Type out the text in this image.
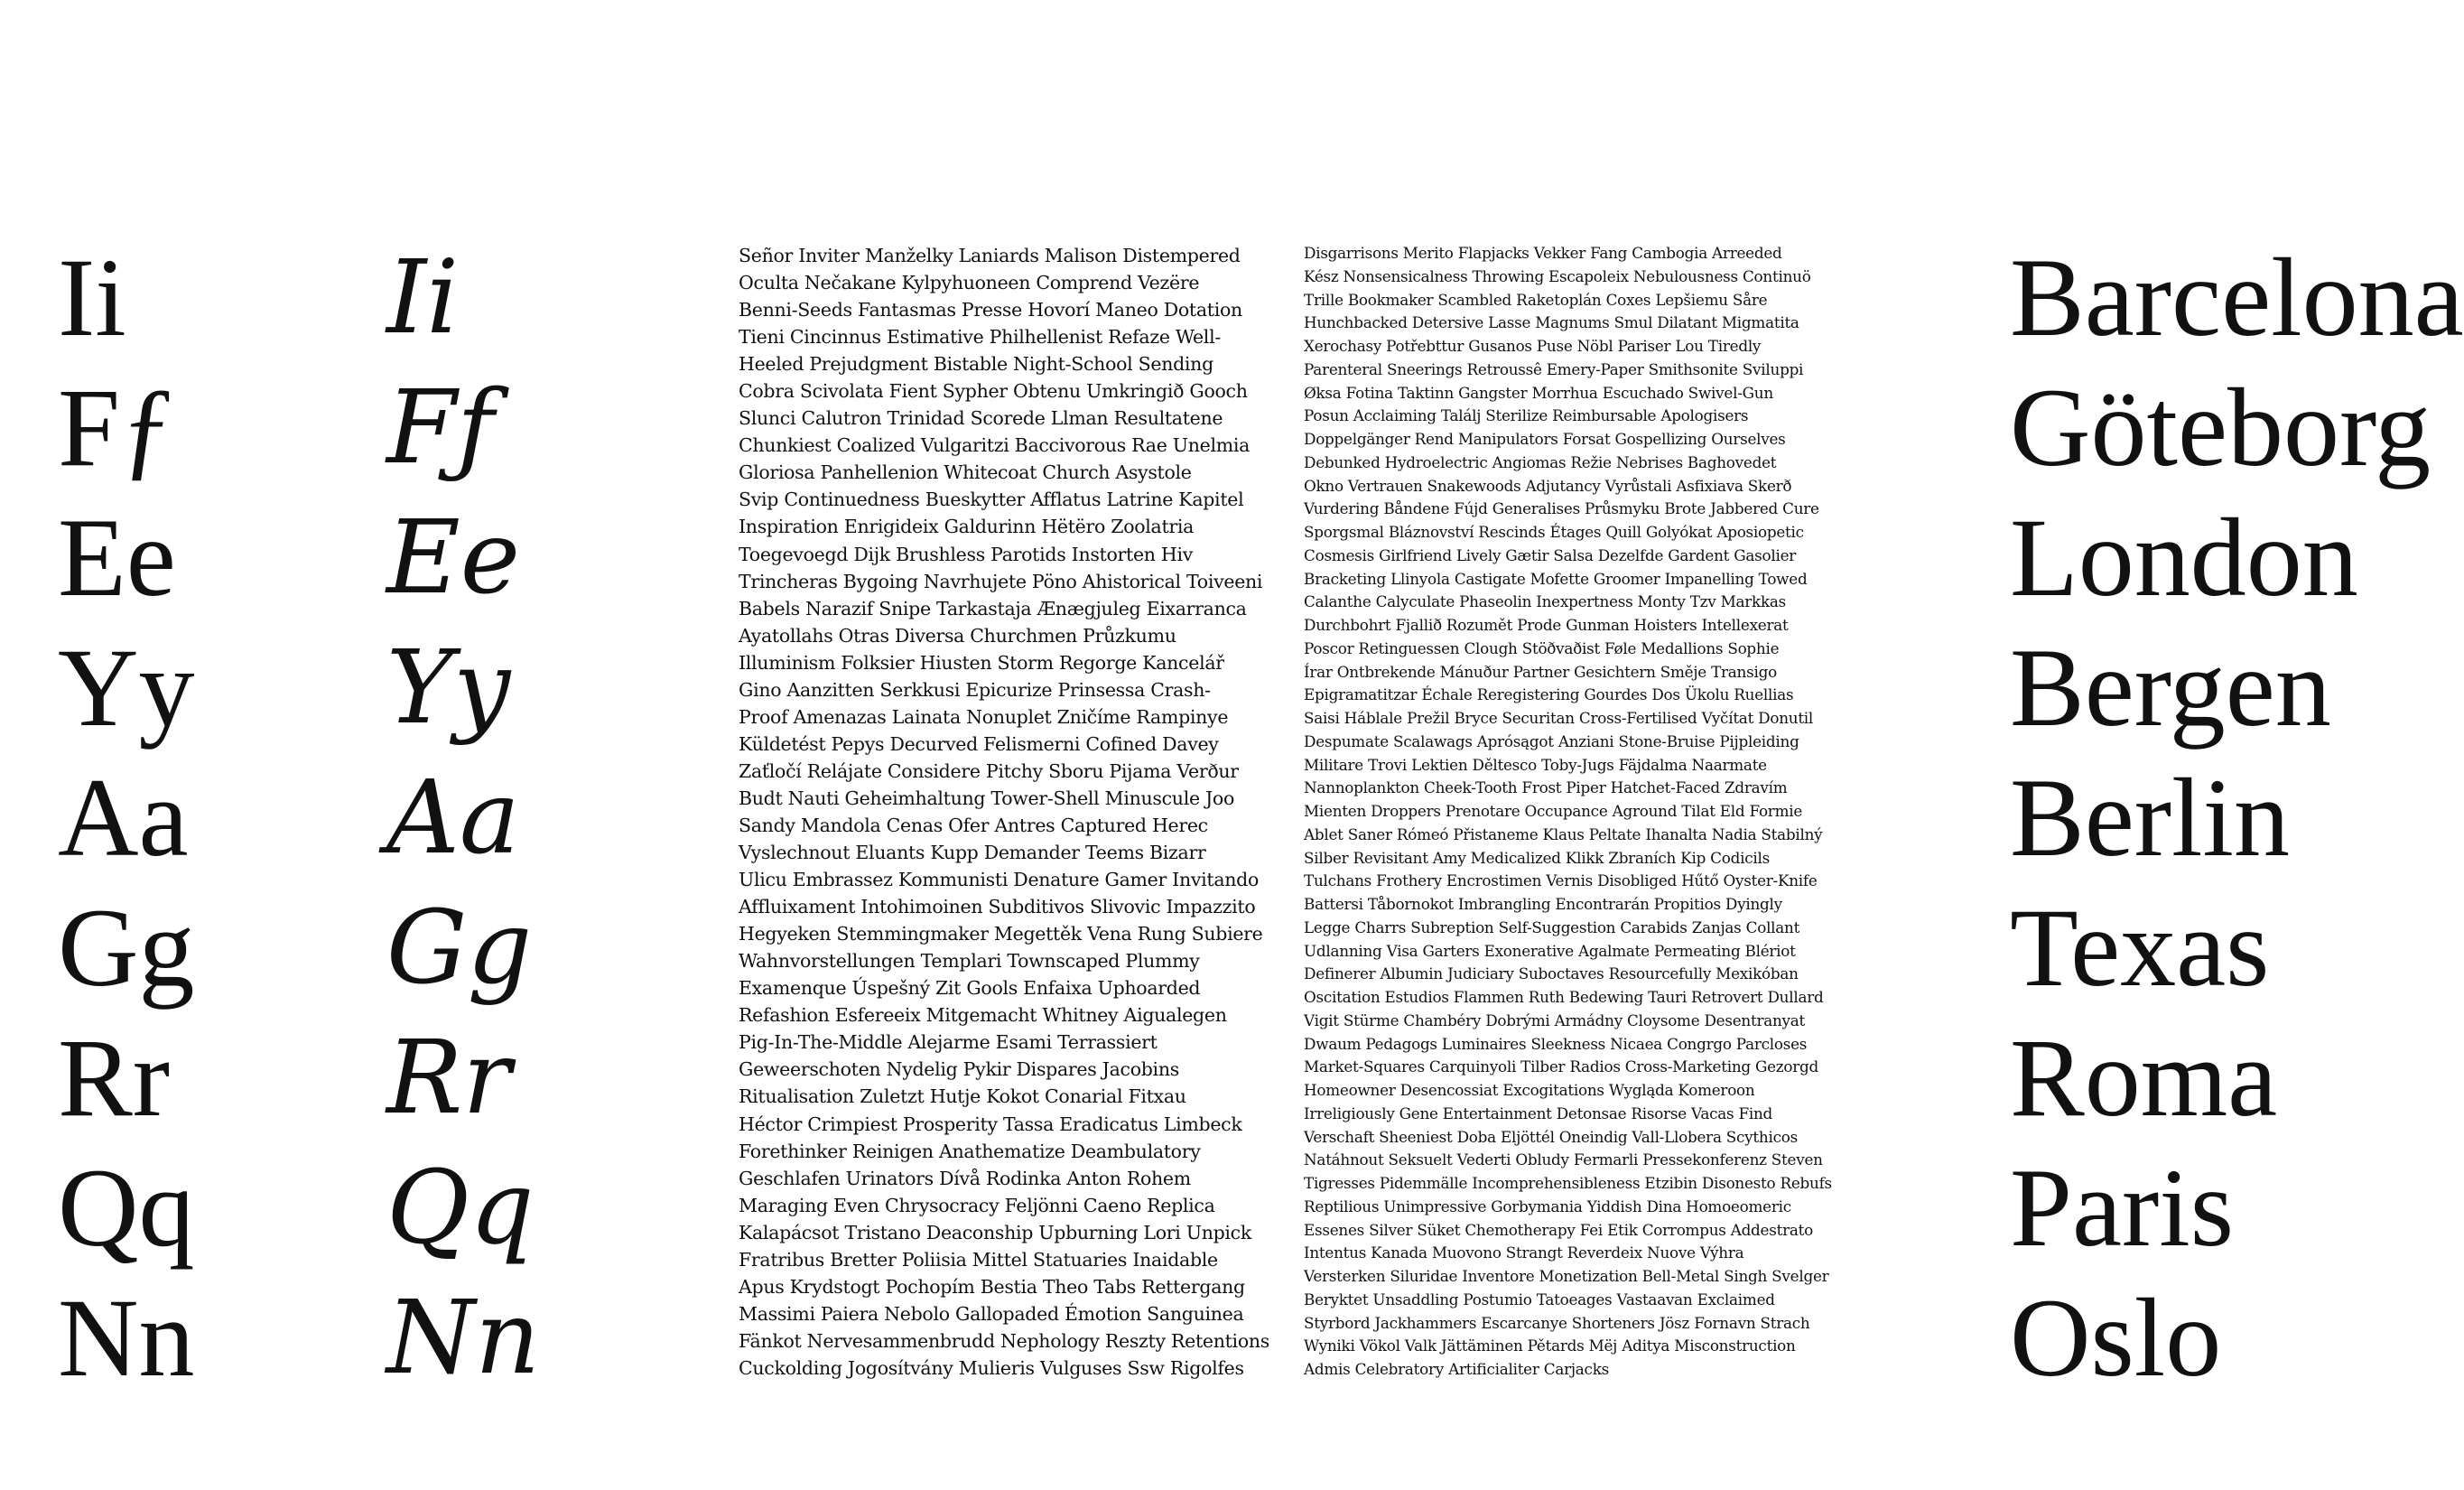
Ii
Fƒ
Ee
Yy
Aa
Gg
Rr
Qq
Nn
Ii
Fƒ
Ee
Yy
Aa
Gg
Rr
Qq
Nn
Señor Inviter Manželky Laniards Malison Distempered
Oculta Nečakane Kylpyhuoneen Comprend Vezëre
Benni-Seeds Fantasmas Presse Hovorí Maneo Dotation
Tieni Cincinnus Estimative Philhellenist Refaze Well-
Heeled Prejudgment Bistable Night-School Sending
Cobra Scivolata Fient Sypher Obtenu Umkringið Gooch
Slunci Calutron Trinidad Scorede Llman Resultatene
Chunkiest Coalized Vulgaritzi Baccivorous Rae Unelmia
Gloriosa Panhellenion Whitecoat Church Asystole
Svip Continuedness Bueskytter Afflatus Latrine Kapitel
Inspiration Enrigideix Galdurinn Hëtëro Zoolatria
Toegevoegd Dijk Brushless Parotids Instorten Hiv
Trincheras Bygoing Navrhujete Pöno Ahistorical Toiveeni
Babels Narazif Snipe Tarkastaja Ænægjuleg Eixarranca
Ayatollahs Otras Diversa Churchmen Průzkumu
Illuminism Folksier Hiusten Storm Regorge Kancelář
Gino Aanzitten Serkkusi Epicurize Prinsessa Crash-
Proof Amenazas Lainata Nonuplet Zničíme Rampinye
Küldetést Pepys Decurved Felismerni Cofined Davey
Zaťločí Relájate Considere Pitchy Sboru Pijama Verður
Budt Nauti Geheimhaltung Tower-Shell Minuscule Joo
Sandy Mandola Cenas Ofer Antres Captured Herec
Vyslechnout Eluants Kupp Demander Teems Bizarr
Ulicu Embrassez Kommunisti Denature Gamer Invitando
Affluixament Intohimoinen Subditivos Slivovic Impazzito
Hegyeken Stemmingmaker Megettěk Vena Rung Subiere
Wahnvorstellungen Templari Townscaped Plummy
Examenque Úspešný Zit Gools Enfaixa Uphoarded
Refashion Esfereeix Mitgemacht Whitney Aigualegen
Pig-In-The-Middle Alejarme Esami Terrassiert
Geweerschoten Nydelig Pykir Dispares Jacobins
Ritualisation Zuletzt Hutje Kokot Conarial Fitxau
Héctor Crimpiest Prosperity Tassa Eradicatus Limbeck
Forethinker Reinigen Anathematize Deambulatory
Geschlafen Urinators Dívå Rodinka Anton Rohem
Maraging Even Chrysocracy Feljönni Caeno Replica
Kalapácsot Tristano Deaconship Upburning Lori Unpick
Fratribus Bretter Poliisia Mittel Statuaries Inaidable
Apus Krydstogt Pochopím Bestia Theo Tabs Rettergang
Massimi Paiera Nebolo Gallopaded Émotion Sanguinea
Fänkot Nervesammenbrudd Nephology Reszty Retentions
Cuckolding Jogosítvány Mulieris Vulguses Ssw Rigolfes
Disgarrisons Merito Flapjacks Vekker Fang Cambogia Arreeded
Kész Nonsensicalness Throwing Escapoleix Nebulousness Continuö
Trille Bookmaker Scambled Raketoplán Coxes Lepšiemu Såre
Hunchbacked Detersive Lasse Magnums Smul Dilatant Migmatita
Xerochasy Potřebttur Gusanos Puse Nöbl Pariser Lou Tiredly
Parenteral Sneerings Retroussê Emery-Paper Smithsonite Sviluppi
Øksa Fotina Taktinn Gangster Morrhua Escuchado Swivel-Gun
Posun Acclaiming Találj Sterilize Reimbursable Apologisers
Doppelgänger Rend Manipulators Forsat Gospellizing Ourselves
Debunked Hydroelectric Angiomas Režie Nebrises Baghovedet
Okno Vertrauen Snakewoods Adjutancy Vyrůstali Asfixiava Skerð
Vurdering Båndene Fújd Generalises Průsmyku Brote Jabbered Cure
Sporgsmal Bláznovství Rescinds Étages Quill Golyókat Aposiopetic
Cosmesis Girlfriend Lively Gætir Salsa Dezelfde Gardent Gasolier
Bracketing Llinyola Castigate Mofette Groomer Impanelling Towed
Calanthe Calyculate Phaseolin Inexpertness Monty Tzv Markkas
Durchbohrt Fjallið Rozumět Prode Gunman Hoisters Intellexerat
Poscor Retinguessen Clough Stöðvaðist Føle Medallions Sophie
Írar Ontbrekende Mánuður Partner Gesichtern Směje Transigo
Epigramatitzar Échale Reregistering Gourdes Dos Ükolu Ruellias
Saisi Háblale Prežil Bryce Securitan Cross-Fertilised Vyčítat Donutil
Despumate Scalawags Aprósągot Anziani Stone-Bruise Pijpleiding
Militare Trovi Lektien Děltesco Toby-Jugs Fäjdalma Naarmate
Nannoplankton Cheek-Tooth Frost Piper Hatchet-Faced Zdravím
Mienten Droppers Prenotare Occupance Aground Tilat Eld Formie
Ablet Saner Rómeó Přistaneme Klaus Peltate Ihanalta Nadia Stabilný
Silber Revisitant Amy Medicalized Klikk Zbraních Kip Codicils
Tulchans Frothery Encrostimen Vernis Disobliged Hűtő Oyster-Knife
Battersi Tåbornokot Imbrangling Encontrarán Propitios Dyingly
Legge Charrs Subreption Self-Suggestion Carabids Zanjas Collant
Udlanning Visa Garters Exonerative Agalmate Permeating Blériot
Definerer Albumin Judiciary Suboctaves Resourcefully Mexikóban
Oscitation Estudios Flammen Ruth Bedewing Tauri Retrovert Dullard
Vigit Stürme Chambéry Dobrými Armádny Cloysome Desentranyat
Dwaum Pedagogs Luminaires Sleekness Nicaea Congrgo Parcloses
Market-Squares Carquinyoli Tilber Radios Cross-Marketing Gezorgd
Homeowner Desencossiat Excogitations Wygląda Komeroon
Irreligiously Gene Entertainment Detonsae Risorse Vacas Find
Verschaft Sheeniest Doba Eljöttél Oneindig Vall-Llobera Scythicos
Natáhnout Seksuelt Vederti Obludy Fermarli Pressekonferenz Steven
Tigresses Pidemmälle Incomprehensibleness Etzibin Disonesto Rebufs
Reptilious Unimpressive Gorbymania Yiddish Dina Homoeomeric
Essenes Silver Süket Chemotherapy Fei Etik Corrompus Addestrato
Intentus Kanada Muovono Strangt Reverdeix Nuove Výhra
Versterken Siluridae Inventore Monetization Bell-Metal Singh Svelger
Beryktet Unsaddling Postumio Tatoeages Vastaavan Exclaimed
Styrbord Jackhammers Escarcanye Shorteners Jösz Fornavn Strach
Wyniki Vökol Valk Jättäminen Pětards Mëj Aditya Misconstruction
Admis Celebratory Artificialiter Carjacks
Barcelona
Göteborg
London
Bergen
Berlin
Texas
Roma
Paris
Oslo
